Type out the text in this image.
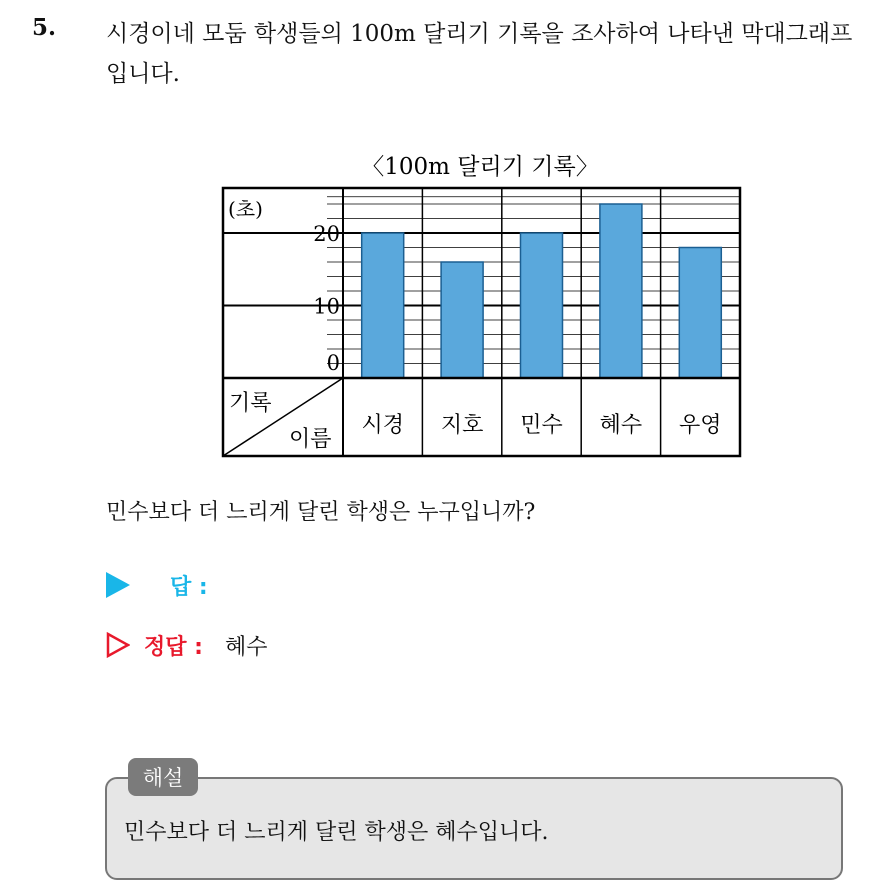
5. 시경이네 모둠 학생들의 100m 달리기 기록을 조사하여 나타낸 막대그래프입니다.
〈100m 달리기 기록〉
(초)
기록
이름
시경 지호 민수 혜수 우영
0
10
20
민수보다 더 느리게 달린 학생은 누구입니까?
답 :
정답 : 혜수
해설
민수보다 더 느리게 달린 학생은 혜수입니다.
